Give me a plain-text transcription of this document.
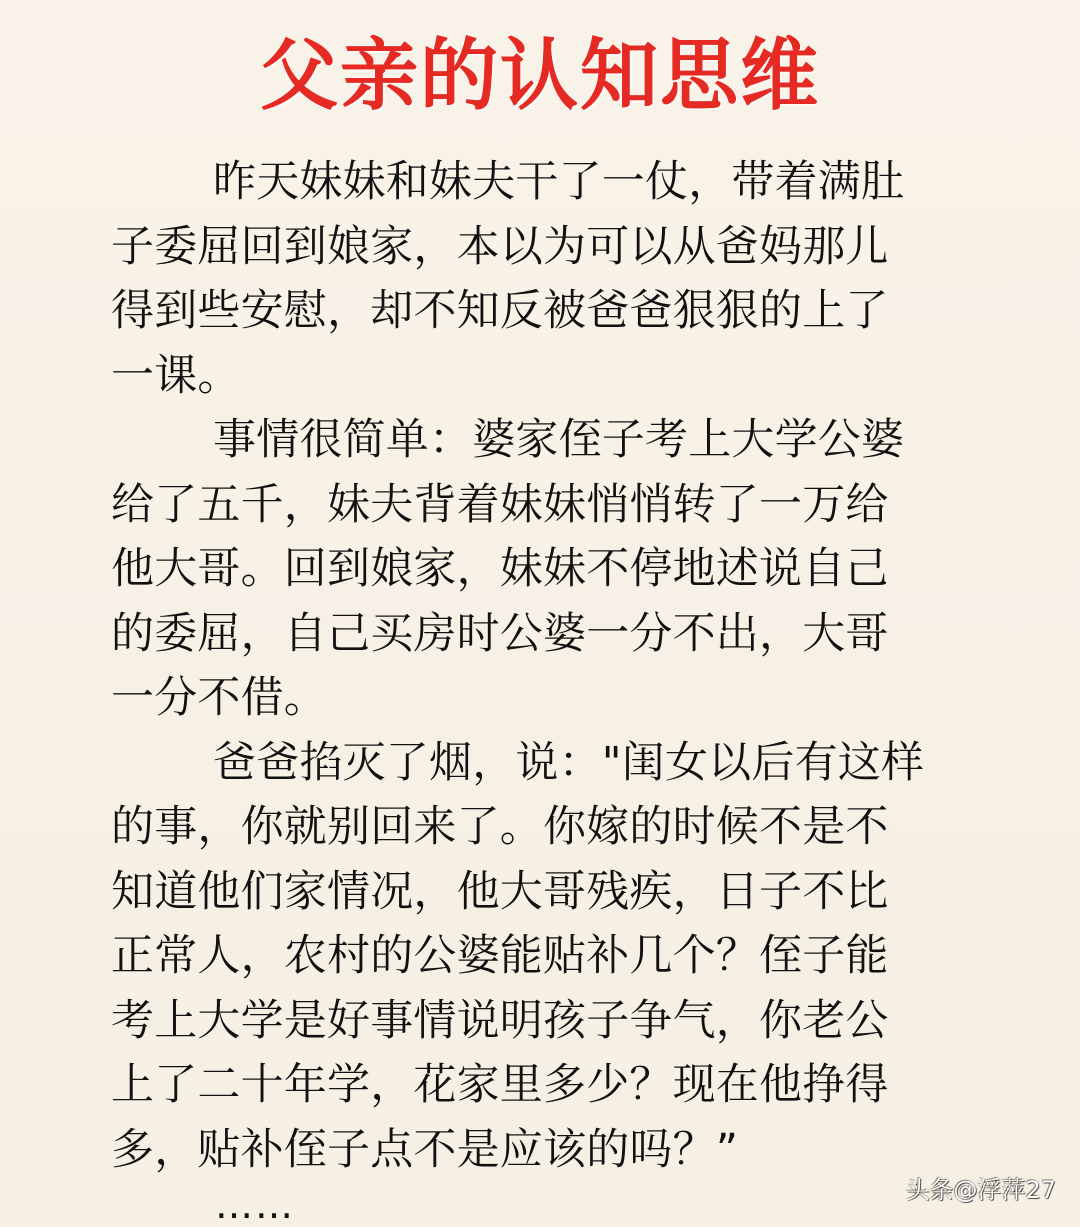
父亲的认知思维
昨天妹妹和妹夫干了一仗，带着满肚
子委屈回到娘家，本以为可以从爸妈那儿
得到些安慰，却不知反被爸爸狠狠的上了
一课。
事情很简单：婆家侄子考上大学公婆
给了五千，妹夫背着妹妹悄悄转了一万给
他大哥。回到娘家，妹妹不停地述说自己
的委屈，自己买房时公婆一分不出，大哥
一分不借。
爸爸掐灭了烟，说："闺女以后有这样
的事，你就别回来了。你嫁的时候不是不
知道他们家情况，他大哥残疾，日子不比
正常人，农村的公婆能贴补几个？侄子能
考上大学是好事情说明孩子争气，你老公
上了二十年学，花家里多少？现在他挣得
多，贴补侄子点不是应该的吗？”
……	头条@浮萍27
